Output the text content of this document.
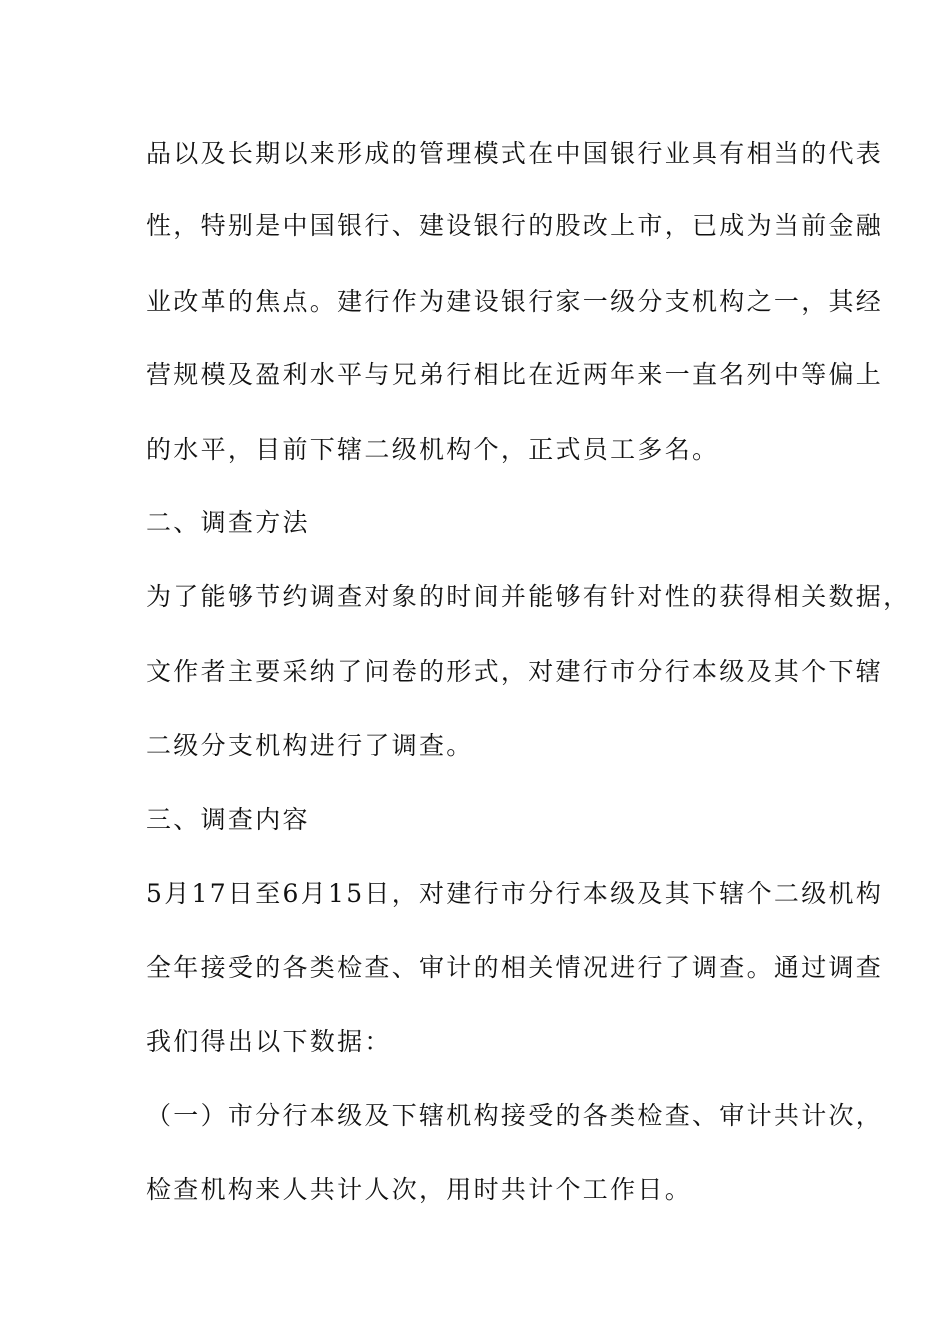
品以及长期以来形成的管理模式在中国银行业具有相当的代表
性，特别是中国银行、建设银行的股改上市，已成为当前金融
业改革的焦点。建行作为建设银行家一级分支机构之一，其经
营规模及盈利水平与兄弟行相比在近两年来一直名列中等偏上
的水平，目前下辖二级机构个，正式员工多名。
二、调查方法
为了能够节约调查对象的时间并能够有针对性的获得相关数据，
文作者主要采纳了问卷的形式，对建行市分行本级及其个下辖
二级分支机构进行了调查。
三、调查内容
5月17日至6月15日，对建行市分行本级及其下辖个二级机构
全年接受的各类检查、审计的相关情况进行了调查。通过调查
我们得出以下数据：
（一）市分行本级及下辖机构接受的各类检查、审计共计次，
检查机构来人共计人次，用时共计个工作日。
